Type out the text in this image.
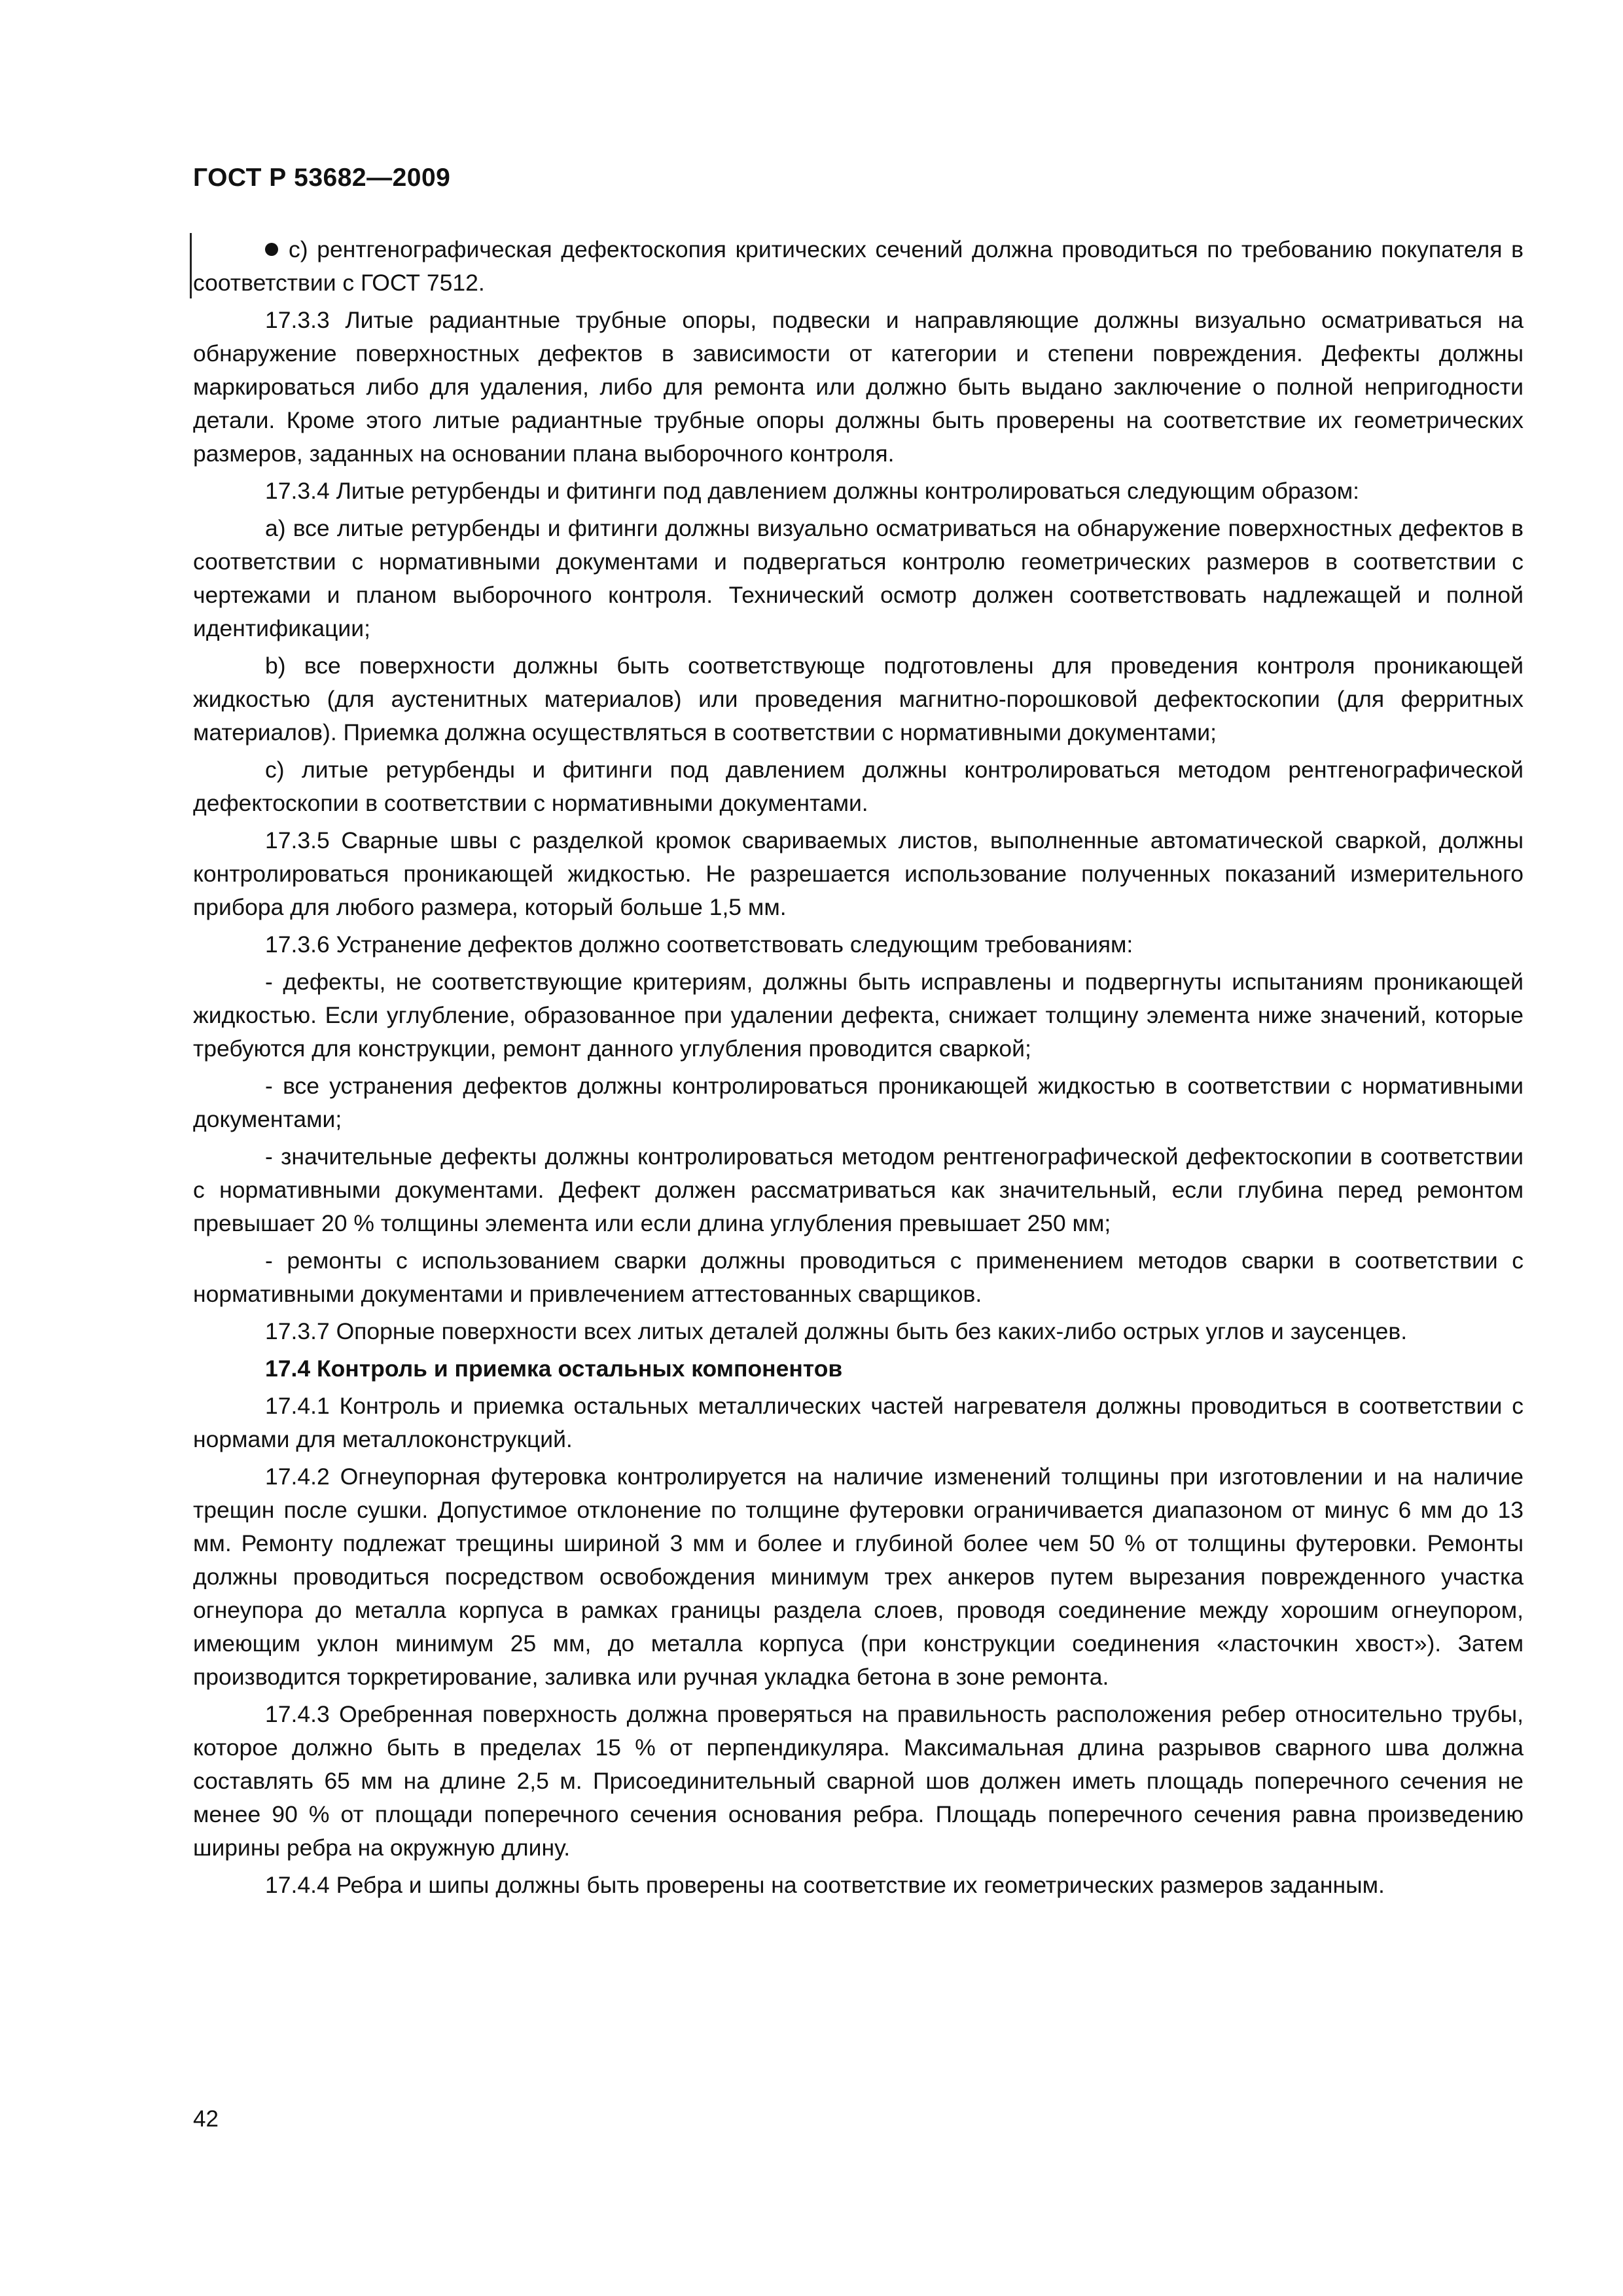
ГОСТ Р 53682—2009

c) рентгенографическая дефектоскопия критических сечений должна проводиться по требованию покупателя в соответствии с ГОСТ 7512.

17.3.3 Литые радиантные трубные опоры, подвески и направляющие должны визуально осматриваться на обнаружение поверхностных дефектов в зависимости от категории и степени повреждения. Дефекты должны маркироваться либо для удаления, либо для ремонта или должно быть выдано заключение о полной непригодности детали. Кроме этого литые радиантные трубные опоры должны быть проверены на соответствие их геометрических размеров, заданных на основании плана выборочного контроля.

17.3.4 Литые ретурбенды и фитинги под давлением должны контролироваться следующим образом:

a) все литые ретурбенды и фитинги должны визуально осматриваться на обнаружение поверхностных дефектов в соответствии с нормативными документами и подвергаться контролю геометрических размеров в соответствии с чертежами и планом выборочного контроля. Технический осмотр должен соответствовать надлежащей и полной идентификации;

b) все поверхности должны быть соответствующе подготовлены для проведения контроля проникающей жидкостью (для аустенитных материалов) или проведения магнитно-порошковой дефектоскопии (для ферритных материалов). Приемка должна осуществляться в соответствии с нормативными документами;

c) литые ретурбенды и фитинги под давлением должны контролироваться методом рентгенографической дефектоскопии в соответствии с нормативными документами.

17.3.5 Сварные швы с разделкой кромок свариваемых листов, выполненные автоматической сваркой, должны контролироваться проникающей жидкостью. Не разрешается использование полученных показаний измерительного прибора для любого размера, который больше 1,5 мм.

17.3.6 Устранение дефектов должно соответствовать следующим требованиям:

- дефекты, не соответствующие критериям, должны быть исправлены и подвергнуты испытаниям проникающей жидкостью. Если углубление, образованное при удалении дефекта, снижает толщину элемента ниже значений, которые требуются для конструкции, ремонт данного углубления проводится сваркой;

- все устранения дефектов должны контролироваться проникающей жидкостью в соответствии с нормативными документами;

- значительные дефекты должны контролироваться методом рентгенографической дефектоскопии в соответствии с нормативными документами. Дефект должен рассматриваться как значительный, если глубина перед ремонтом превышает 20 % толщины элемента или если длина углубления превышает 250 мм;

- ремонты с использованием сварки должны проводиться с применением методов сварки в соответствии с нормативными документами и привлечением аттестованных сварщиков.

17.3.7 Опорные поверхности всех литых деталей должны быть без каких-либо острых углов и заусенцев.

17.4 Контроль и приемка остальных компонентов

17.4.1 Контроль и приемка остальных металлических частей нагревателя должны проводиться в соответствии с нормами для металлоконструкций.

17.4.2 Огнеупорная футеровка контролируется на наличие изменений толщины при изготовлении и на наличие трещин после сушки. Допустимое отклонение по толщине футеровки ограничивается диапазоном от минус 6 мм до 13 мм. Ремонту подлежат трещины шириной 3 мм и более и глубиной более чем 50 % от толщины футеровки. Ремонты должны проводиться посредством освобождения минимум трех анкеров путем вырезания поврежденного участка огнеупора до металла корпуса в рамках границы раздела слоев, проводя соединение между хорошим огнеупором, имеющим уклон минимум 25 мм, до металла корпуса (при конструкции соединения «ласточкин хвост»). Затем производится торкретирование, заливка или ручная укладка бетона в зоне ремонта.

17.4.3 Оребренная поверхность должна проверяться на правильность расположения ребер относительно трубы, которое должно быть в пределах 15 % от перпендикуляра. Максимальная длина разрывов сварного шва должна составлять 65 мм на длине 2,5 м. Присоединительный сварной шов должен иметь площадь поперечного сечения не менее 90 % от площади поперечного сечения основания ребра. Площадь поперечного сечения равна произведению ширины ребра на окружную длину.

17.4.4 Ребра и шипы должны быть проверены на соответствие их геометрических размеров заданным.

42
